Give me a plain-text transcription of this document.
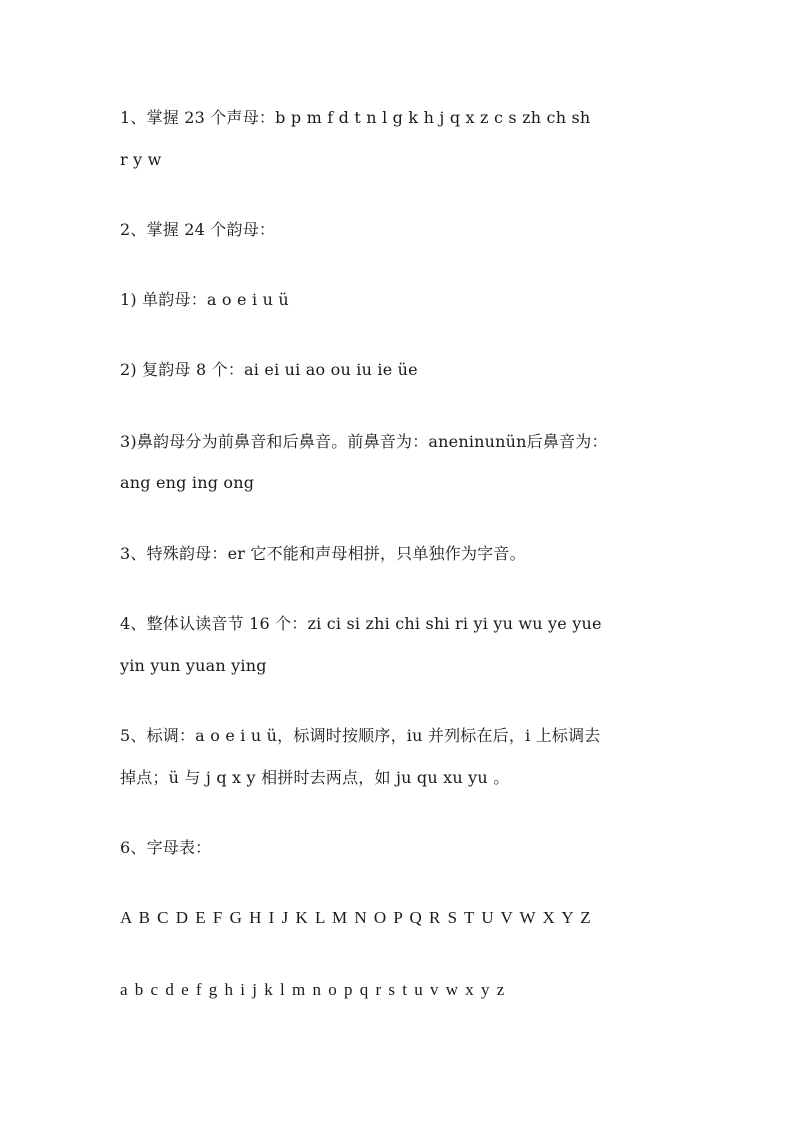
1、掌握 23 个声母：b p m f d t n l g k h j q x z c s zh ch sh
r y w
2、掌握 24 个韵母：
1) 单韵母：a o e i u ü
2) 复韵母 8 个：ai ei ui ao ou iu ie üe
3)鼻韵母分为前鼻音和后鼻音。前鼻音为：aneninunün后鼻音为：
ang eng ing ong
3、特殊韵母：er 它不能和声母相拼，只单独作为字音。
4、整体认读音节 16 个：zi ci si zhi chi shi ri yi yu wu ye yue
yin yun yuan ying
5、标调：a o e i u ü，标调时按顺序，iu 并列标在后，i 上标调去
掉点；ü 与 j q x y 相拼时去两点，如 ju qu xu yu 。
6、字母表：
A B C D E F G H I J K L M N O P Q R S T U V W X Y Z
a b c d e f g h i j k l m n o p q r s t u v w x y z
